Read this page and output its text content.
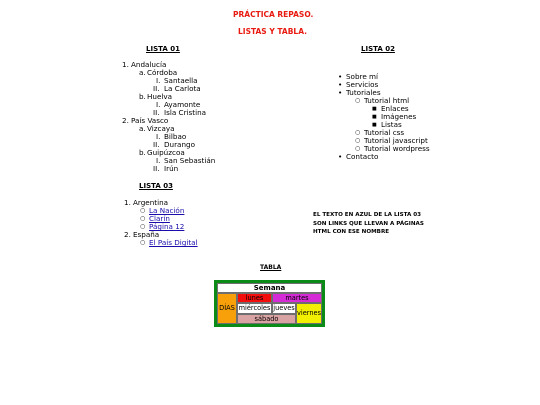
PRÁCTICA REPASO.
LISTAS Y TABLA.
LISTA 01
1. Andalucía
a. Córdoba
I. Santaella
II. La Carlota
b. Huelva
I. Ayamonte
II. Isla Cristina
2. País Vasco
a. Vizcaya
I. Bilbao
II. Durango
b. Guipúzcoa
I. San Sebastián
II. Irún
LISTA 02
• Sobre mí
• Servicios
• Tutoriales
○ Tutorial html
■ Enlaces
■ Imágenes
■ Listas
○ Tutorial css
○ Tutorial javascript
○ Tutorial wordpress
• Contacto
LISTA 03
1. Argentina
○ La Nación
○ Clarín
○ Página 12
2. España
○ El País Digital
EL TEXTO EN AZUL DE LA LISTA 03
SON LINKS QUE LLEVAN A PÁGINAS
HTML CON ESE NOMBRE
TABLA
Semana
DÍAS
lunes	martes
miércoles jueves
viernes
sábado
